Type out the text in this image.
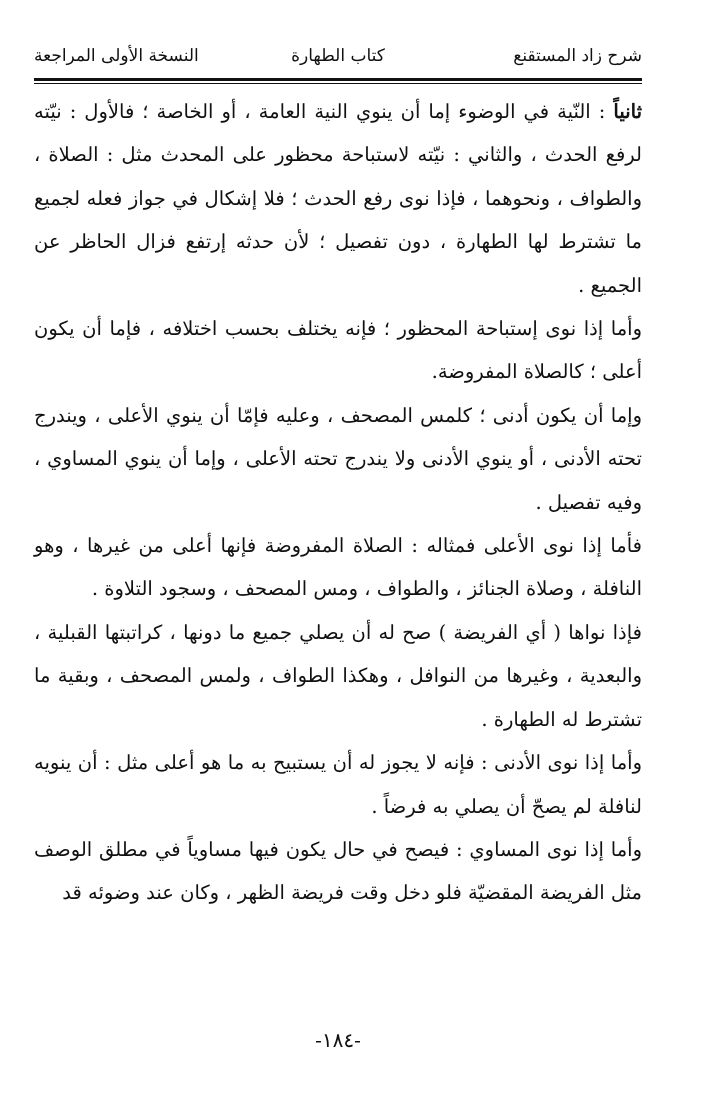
شرح زاد المستقنع
كتاب الطهارة
النسخة الأولى المراجعة

ثانياً : النّية في الوضوء إما أن ينوي النية العامة ، أو الخاصة ؛ فالأول : نيّته لرفع الحدث ، والثاني : نيّته لاستباحة محظور على المحدث مثل : الصلاة ، والطواف ، ونحوهما ، فإذا نوى رفع الحدث ؛ فلا إشكال في جواز فعله لجميع ما تشترط لها الطهارة ، دون تفصيل ؛ لأن حدثه إرتفع فزال الحاظر عن الجميع .

وأما إذا نوى إستباحة المحظور ؛ فإنه يختلف بحسب اختلافه ، فإما أن يكون أعلى ؛ كالصلاة المفروضة.

وإما أن يكون أدنى ؛ كلمس المصحف ، وعليه فإمّا أن ينوي الأعلى ، ويندرج تحته الأدنى ، أو ينوي الأدنى ولا يندرج تحته الأعلى ، وإما أن ينوي المساوي ، وفيه تفصيل .

فأما إذا نوى الأعلى فمثاله : الصلاة المفروضة فإنها أعلى من غيرها ، وهو النافلة ، وصلاة الجنائز ، والطواف ، ومس المصحف ، وسجود التلاوة .

فإذا نواها ( أي الفريضة ) صح له أن يصلي جميع ما دونها ، كراتبتها القبلية ، والبعدية ، وغيرها من النوافل ، وهكذا الطواف ، ولمس المصحف ، وبقية ما تشترط له الطهارة .

وأما إذا نوى الأدنى : فإنه لا يجوز له أن يستبيح به ما هو أعلى مثل : أن ينويه لنافلة لم يصحّ أن يصلي به فرضاً .

وأما إذا نوى المساوي : فيصح في حال يكون فيها مساوياً في مطلق الوصف مثل الفريضة المقضيّة فلو دخل وقت فريضة الظهر ، وكان عند وضوئه قد

-١٨٤-
